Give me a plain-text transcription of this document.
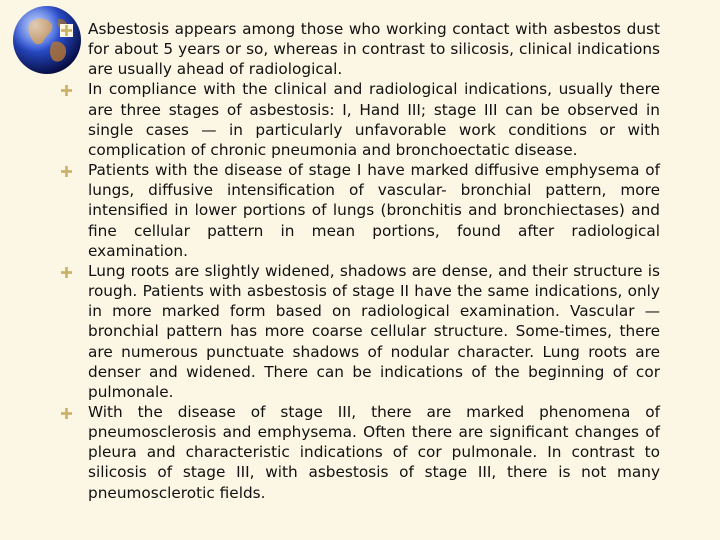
Asbestosis appears among those who working contact with asbestos dust for about 5 years or so, whereas in contrast to silicosis, clinical indications are usually ahead of radiological.
In compliance with the clinical and radiological indications, usually there are three stages of asbestosis: I, Hand III; stage III can be observed in single cases — in particularly unfavorable work conditions or with complication of chronic pneumonia and bronchoectatic disease.
Patients with the disease of stage I have marked diffusive emphysema of lungs, diffusive intensification of vascular- bronchial pattern, more intensified in lower portions of lungs (bronchitis and bronchiectases) and fine cellular pattern in mean portions, found after radiological examination.
Lung roots are slightly widened, shadows are dense, and their structure is rough. Patients with asbestosis of stage II have the same indications, only in more marked form based on radiological examination. Vascular — bronchial pattern has more coarse cellular structure. Some-times, there are numerous punctuate shadows of nodular character. Lung roots are denser and widened. There can be indications of the beginning of cor pulmonale.
With the disease of stage III, there are marked phenomena of pneumosclerosis and emphysema. Often there are significant changes of pleura and characteristic indications of cor pulmonale. In contrast to silicosis of stage III, with asbestosis of stage III, there is not many pneumosclerotic fields.
